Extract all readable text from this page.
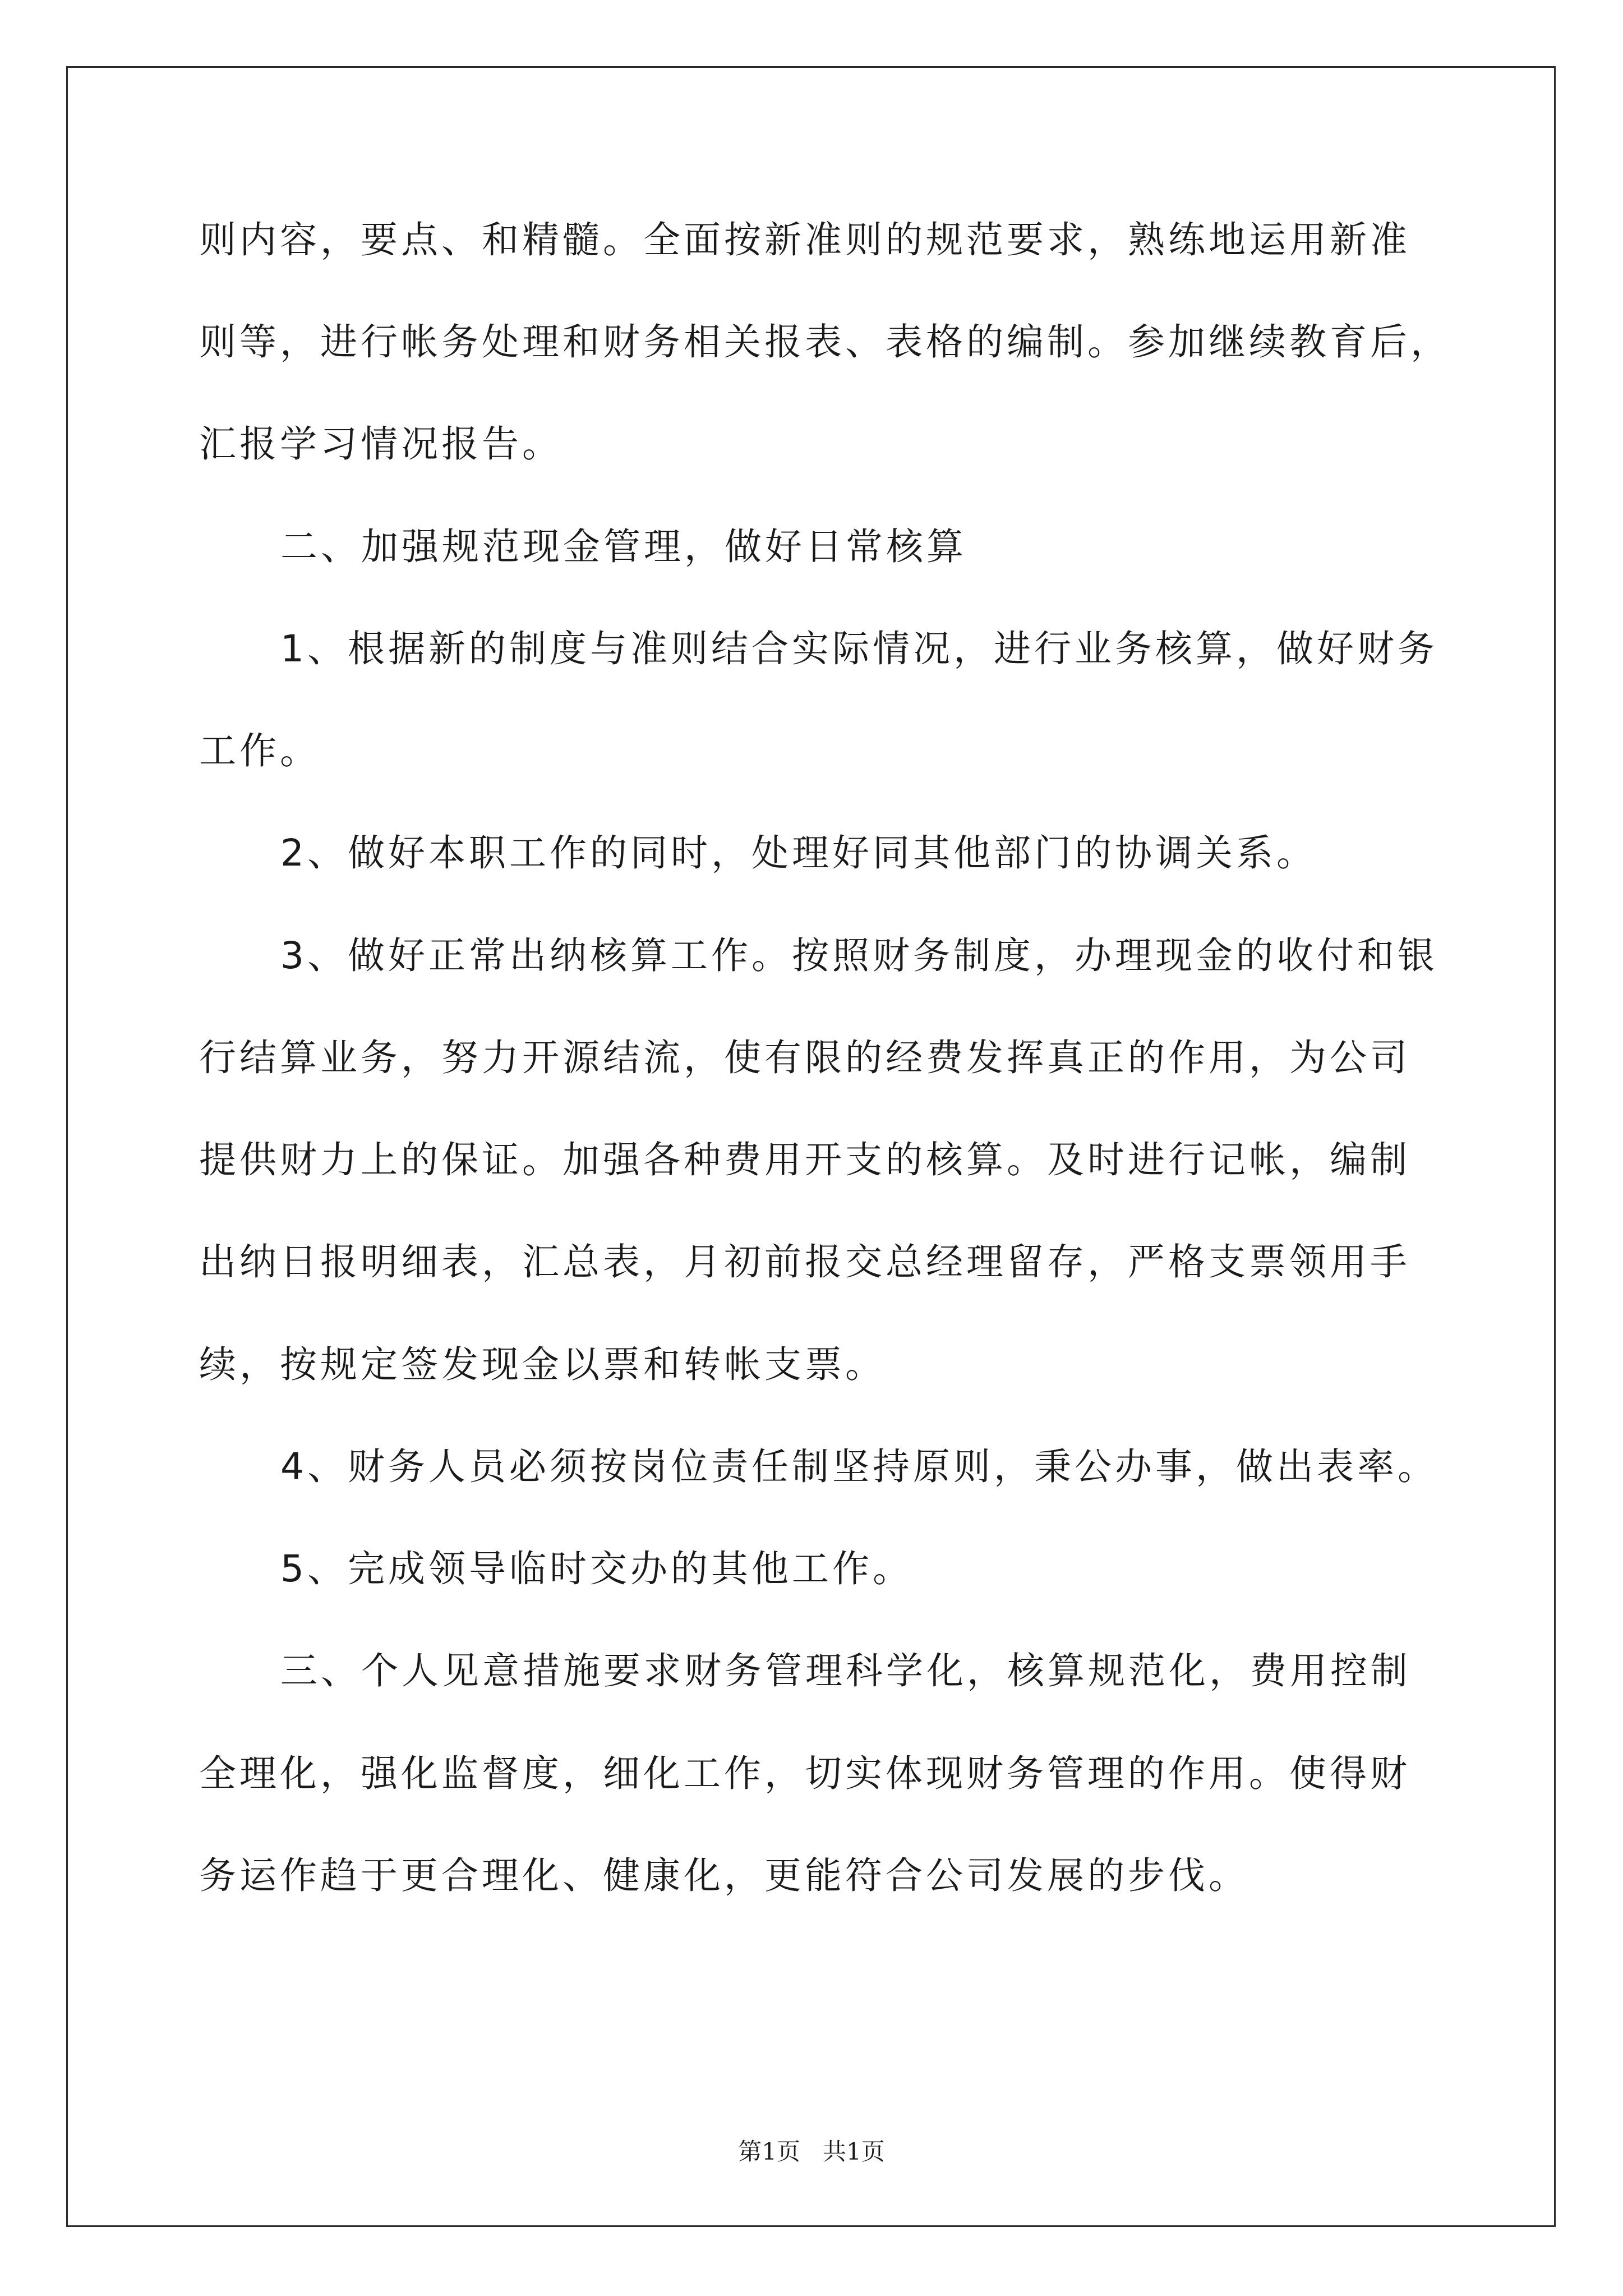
则内容，要点、和精髓。全面按新准则的规范要求，熟练地运用新准
则等，进行帐务处理和财务相关报表、表格的编制。参加继续教育后，
汇报学习情况报告。
二、加强规范现金管理，做好日常核算
1、根据新的制度与准则结合实际情况，进行业务核算，做好财务
工作。
2、做好本职工作的同时，处理好同其他部门的协调关系。
3、做好正常出纳核算工作。按照财务制度，办理现金的收付和银
行结算业务，努力开源结流，使有限的经费发挥真正的作用，为公司
提供财力上的保证。加强各种费用开支的核算。及时进行记帐，编制
出纳日报明细表，汇总表，月初前报交总经理留存，严格支票领用手
续，按规定签发现金以票和转帐支票。
4、财务人员必须按岗位责任制坚持原则，秉公办事，做出表率。
5、完成领导临时交办的其他工作。
三、个人见意措施要求财务管理科学化，核算规范化，费用控制
全理化，强化监督度，细化工作，切实体现财务管理的作用。使得财
务运作趋于更合理化、健康化，更能符合公司发展的步伐。
第1页   共1页
